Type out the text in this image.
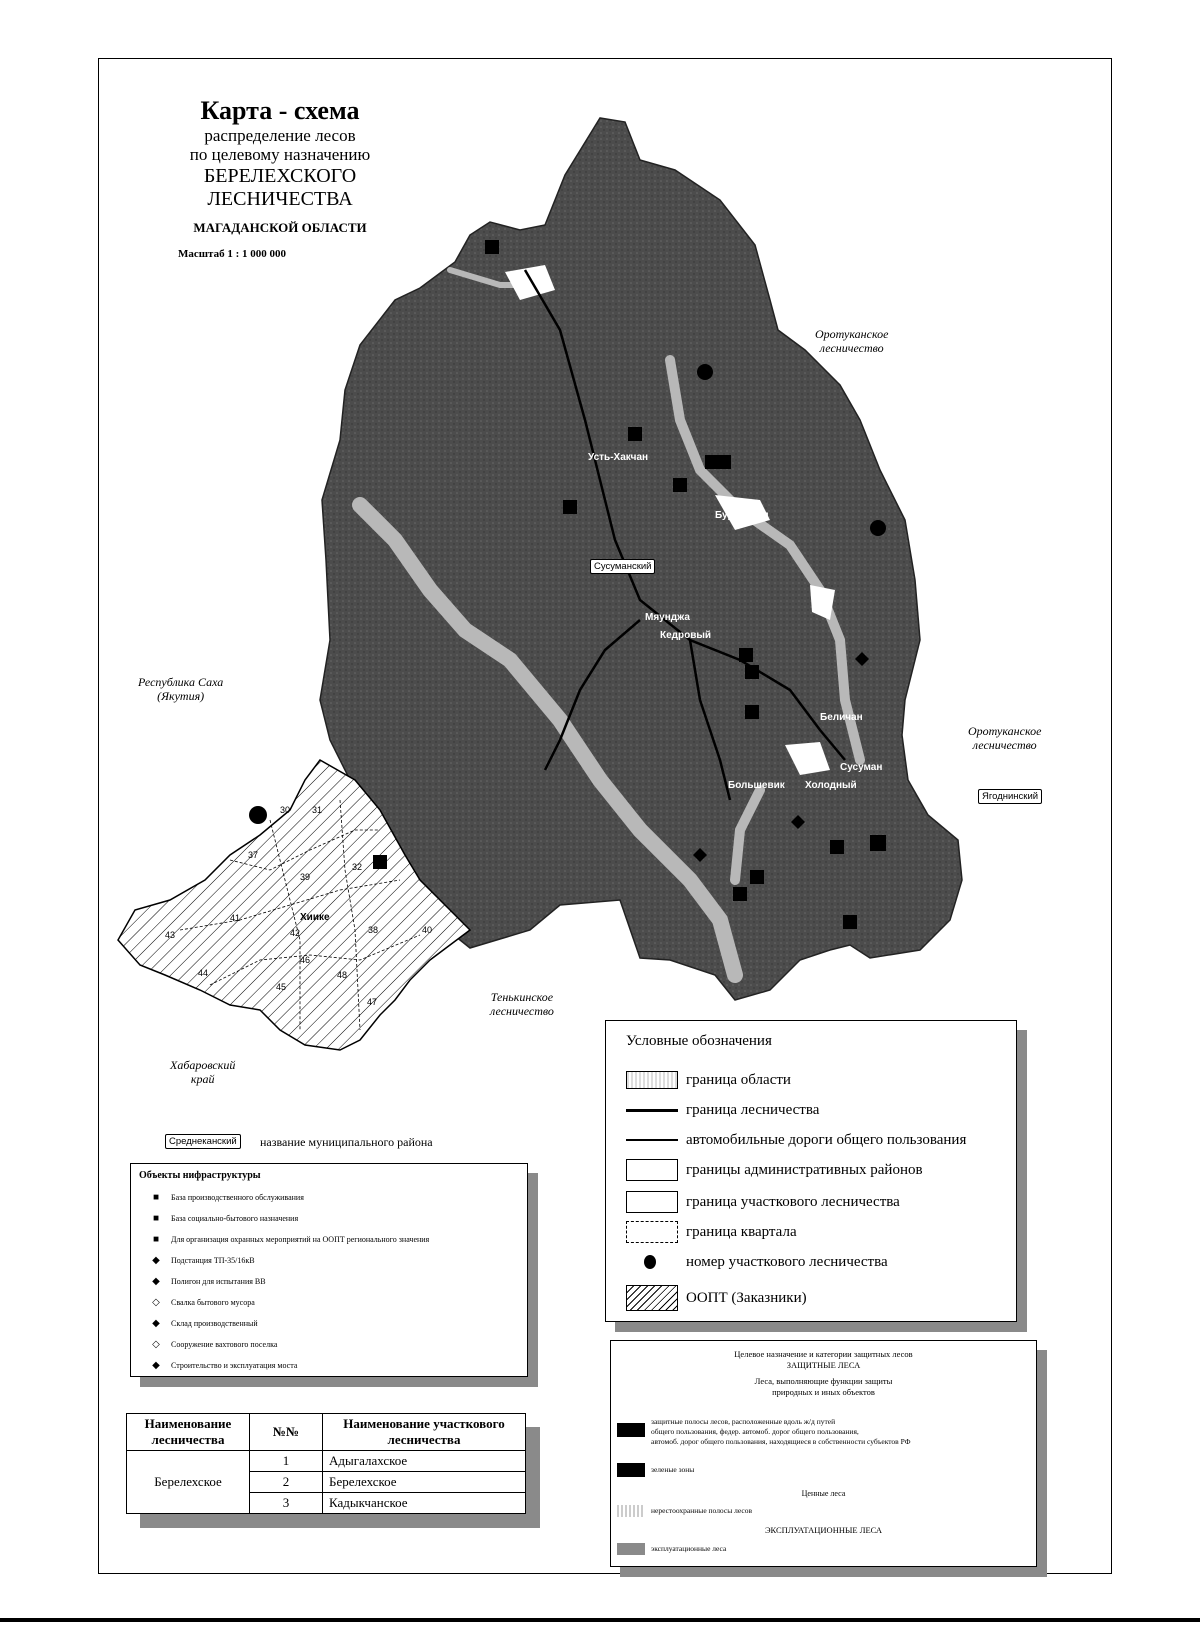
Карта - схема
распределение лесов
по целевому назначению
БЕРЕЛЕХСКОГО
ЛЕСНИЧЕСТВА
МАГАДАНСКОЙ ОБЛАСТИ
Масштаб 1 : 1 000 000
Оротуканское
лесничество
Оротуканское
лесничество
Республика Саха
(Якутия)
Тенькинское
лесничество
Хабаровский
край
Усть-Хакчан
Буркандья
Сусуманский
Мяунджа
Кедровый
Беличан
Сусуман
Большевик Холодный
Ягоднинский
Хиике
30 31
37
39
32
41
42
43	38	40
44
45
46
47
48
Среднеканский	название муниципального района
Условные обозначения
граница области
граница лесничества
автомобильные дороги общего пользования
границы административных районов
граница участкового лесничества
граница квартала
номер участкового лесничества
ООПТ (Заказники)
Объекты нифраструктуры
■	База производственного обслуживания
■	База социально-бытового назначения
■	Для организация охранных мероприятий на ООПТ регионального значения
◆	Подстанция ТП-35/16кВ
◆	Полигон для испытания ВВ
◇	Свалка бытового мусора
◆	Склад производственный
◇	Сооружение вахтового поселка
◆	Строительство и эксплуатация моста
Целевое назначение и категории защитных лесов
ЗАЩИТНЫЕ ЛЕСА
Леса, выполняющие функции защиты
природных и иных объектов
защитные полосы лесов, расположенные вдоль ж/д путей
общего пользования, федер. автомоб. дорог общего пользования,
автомоб. дорог общего пользования, находящиеся в собственности субъектов РФ
зеленые зоны
Ценные леса
нерестоохранные полосы лесов
ЭКСПЛУАТАЦИОННЫЕ ЛЕСА
эксплуатационные леса
Наименование лесничества	№№	Наименование участкового лесничества
Берелехское	1	Адыгалахское
	2	Берелехское
	3	Кадыкчанское
